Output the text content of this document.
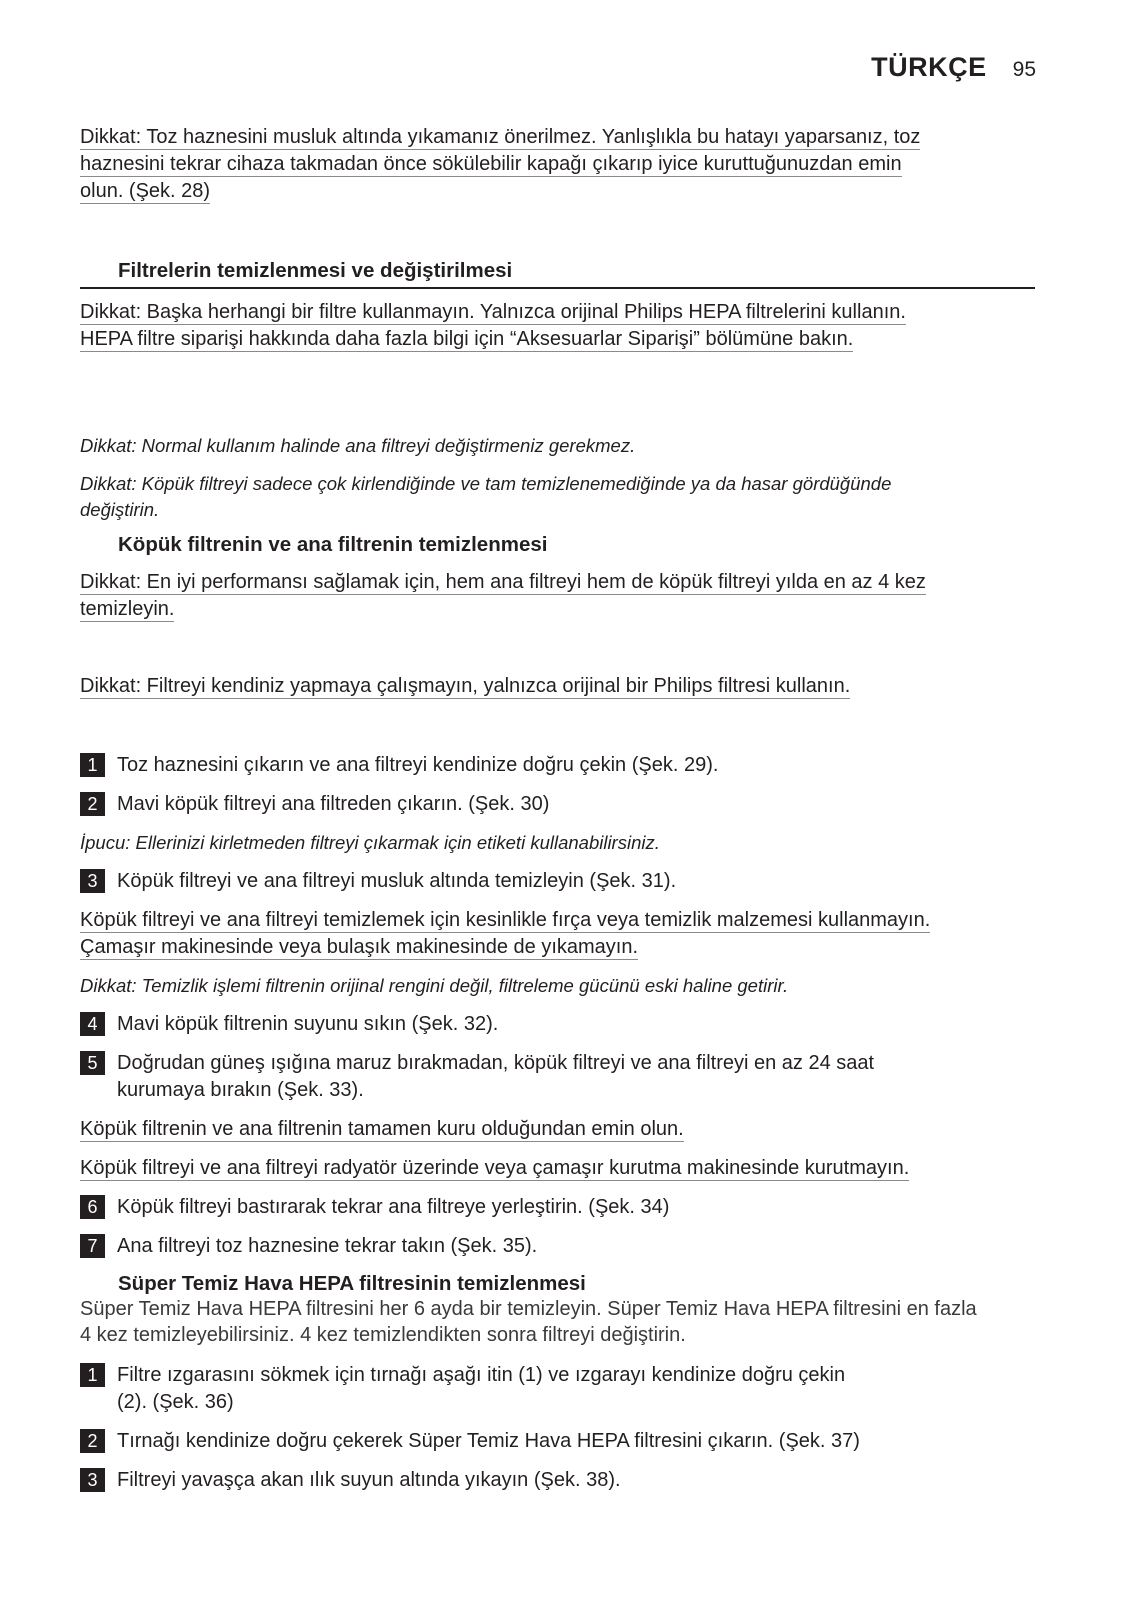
TÜRKÇE 95

Dikkat: Toz haznesini musluk altında yıkamanız önerilmez. Yanlışlıkla bu hatayı yaparsanız, toz

haznesini tekrar cihaza takmadan önce sökülebilir kapağı çıkarıp iyice kuruttuğunuzdan emin

olun. (Şek. 28)

Filtrelerin temizlenmesi ve değiştirilmesi

Dikkat: Başka herhangi bir filtre kullanmayın. Yalnızca orijinal Philips HEPA filtrelerini kullanın.

HEPA filtre siparişi hakkında daha fazla bilgi için “Aksesuarlar Siparişi” bölümüne bakın.

Dikkat: Normal kullanım halinde ana filtreyi değiştirmeniz gerekmez.

Dikkat: Köpük filtreyi sadece çok kirlendiğinde ve tam temizlenemediğinde ya da hasar gördüğünde

değiştirin.

Köpük filtrenin ve ana filtrenin temizlenmesi

Dikkat: En iyi performansı sağlamak için, hem ana filtreyi hem de köpük filtreyi yılda en az 4 kez

temizleyin.

Dikkat: Filtreyi kendiniz yapmaya çalışmayın, yalnızca orijinal bir Philips filtresi kullanın.

1 Toz haznesini çıkarın ve ana filtreyi kendinize doğru çekin (Şek. 29).
2 Mavi köpük filtreyi ana filtreden çıkarın. (Şek. 30)

İpucu: Ellerinizi kirletmeden filtreyi çıkarmak için etiketi kullanabilirsiniz.

3 Köpük filtreyi ve ana filtreyi musluk altında temizleyin (Şek. 31).

Köpük filtreyi ve ana filtreyi temizlemek için kesinlikle fırça veya temizlik malzemesi kullanmayın.

Çamaşır makinesinde veya bulaşık makinesinde de yıkamayın.

Dikkat: Temizlik işlemi filtrenin orijinal rengini değil, filtreleme gücünü eski haline getirir.

4 Mavi köpük filtrenin suyunu sıkın (Şek. 32).
5 Doğrudan güneş ışığına maruz bırakmadan, köpük filtreyi ve ana filtreyi en az 24 saat
kurumaya bırakın (Şek. 33).

Köpük filtrenin ve ana filtrenin tamamen kuru olduğundan emin olun.

Köpük filtreyi ve ana filtreyi radyatör üzerinde veya çamaşır kurutma makinesinde kurutmayın.

6 Köpük filtreyi bastırarak tekrar ana filtreye yerleştirin. (Şek. 34)
7 Ana filtreyi toz haznesine tekrar takın (Şek. 35).

Süper Temiz Hava HEPA filtresinin temizlenmesi

Süper Temiz Hava HEPA filtresini her 6 ayda bir temizleyin. Süper Temiz Hava HEPA filtresini en fazla

4 kez temizleyebilirsiniz. 4 kez temizlendikten sonra filtreyi değiştirin.

1 Filtre ızgarasını sökmek için tırnağı aşağı itin (1) ve ızgarayı kendinize doğru çekin
(2). (Şek. 36)
2 Tırnağı kendinize doğru çekerek Süper Temiz Hava HEPA filtresini çıkarın. (Şek. 37)
3 Filtreyi yavaşça akan ılık suyun altında yıkayın (Şek. 38).
